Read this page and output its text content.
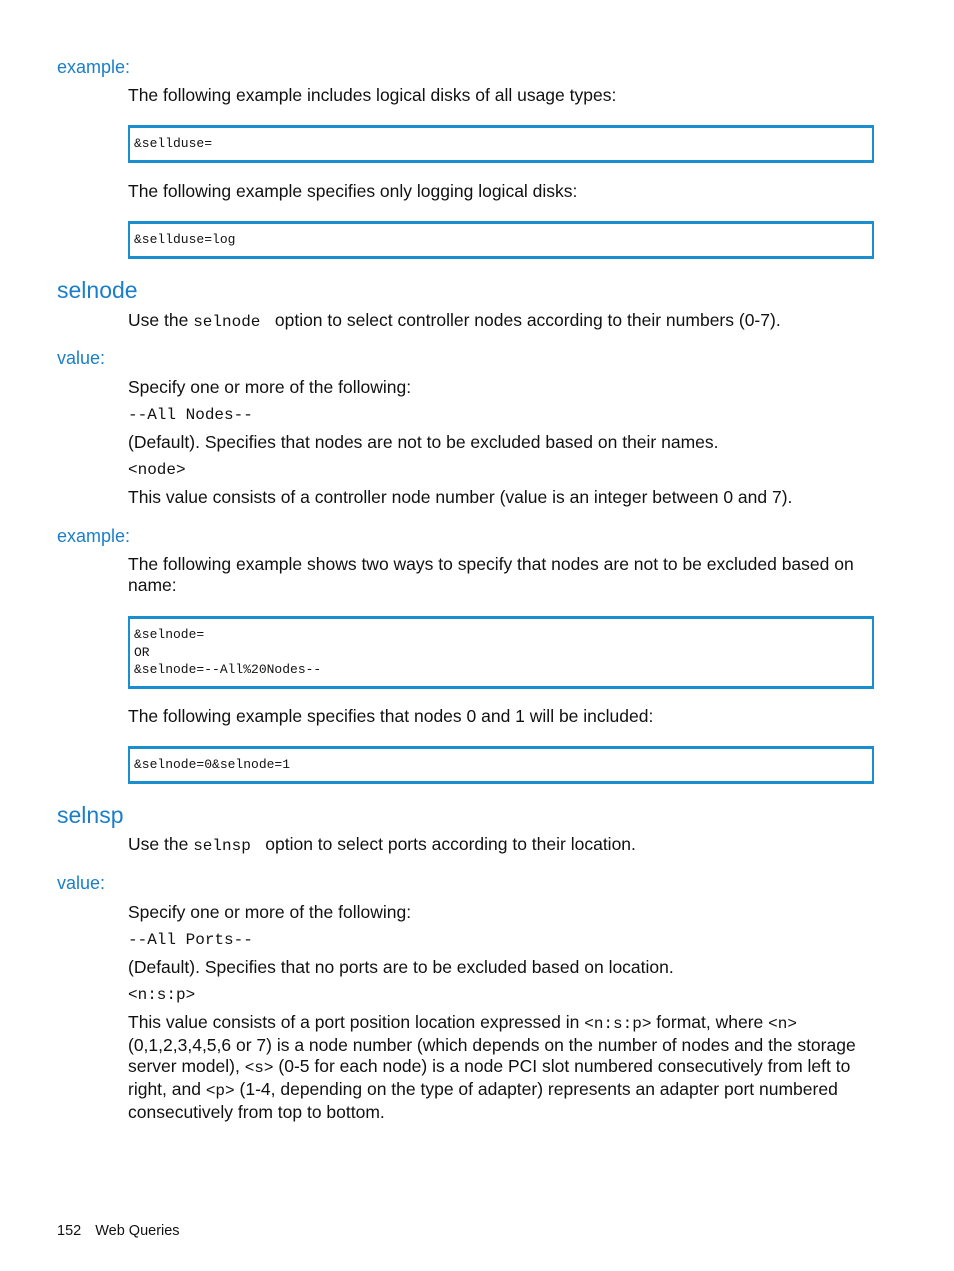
example:
The following example includes logical disks of all usage types:
&sellduse=
The following example specifies only logging logical disks:
&sellduse=log
selnode
Use the selnode  option to select controller nodes according to their numbers (0-7).
value:
Specify one or more of the following:
--All Nodes--
(Default). Specifies that nodes are not to be excluded based on their names.
<node>
This value consists of a controller node number (value is an integer between 0 and 7).
example:
The following example shows two ways to specify that nodes are not to be excluded based on name:
&selnode=
OR
&selnode=--All%20Nodes--
The following example specifies that nodes 0 and 1 will be included:
&selnode=0&selnode=1
selnsp
Use the selnsp  option to select ports according to their location.
value:
Specify one or more of the following:
--All Ports--
(Default). Specifies that no ports are to be excluded based on location.
<n:s:p>
This value consists of a port position location expressed in <n:s:p> format, where <n> (0,1,2,3,4,5,6 or 7) is a node number (which depends on the number of nodes and the storage server model), <s> (0-5 for each node) is a node PCI slot numbered consecutively from left to right, and <p> (1-4, depending on the type of adapter) represents an adapter port numbered consecutively from top to bottom.
152 Web Queries
